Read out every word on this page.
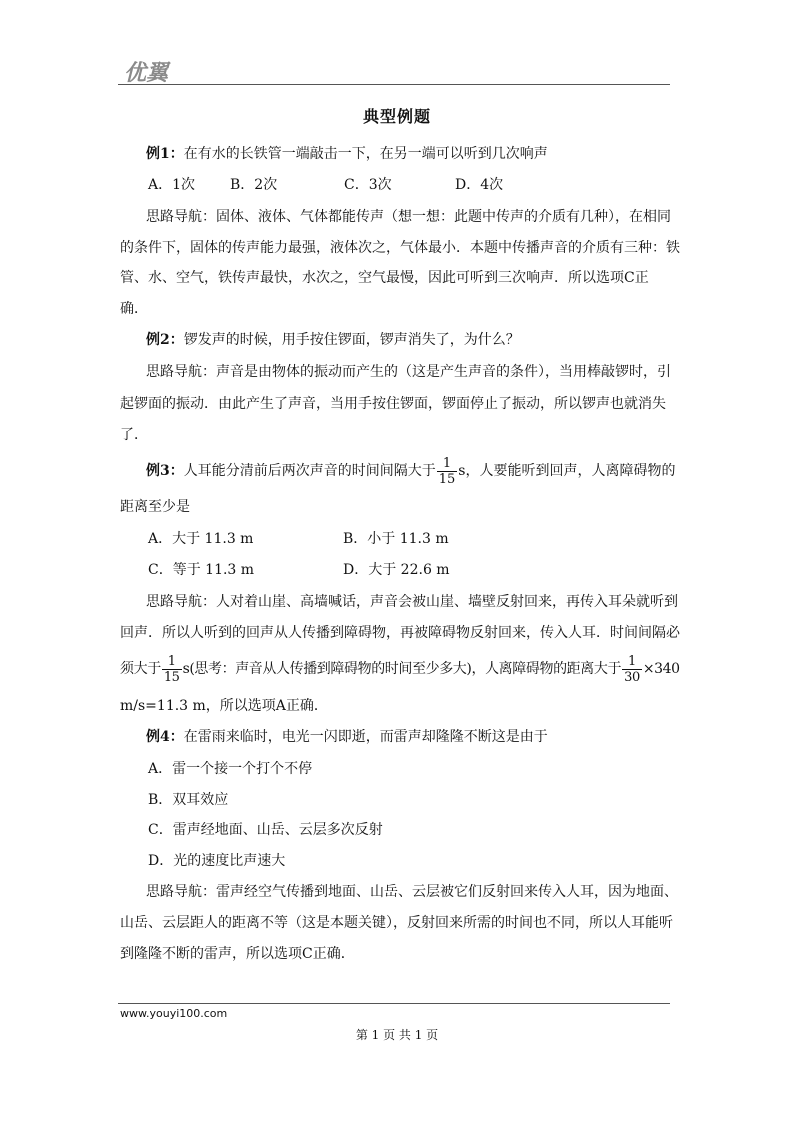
优翼
典型例题
例1：在有水的长铁管一端敲击一下，在另一端可以听到几次响声
A．1次 B．2次	C．3次	D．4次
思路导航：固体、液体、气体都能传声（想一想：此题中传声的介质有几种），在相同
的条件下，固体的传声能力最强，液体次之，气体最小．本题中传播声音的介质有三种：铁
管、水、空气，铁传声最快，水次之，空气最慢，因此可听到三次响声．所以选项C正
确．
例2：锣发声的时候，用手按住锣面，锣声消失了，为什么？
思路导航：声音是由物体的振动而产生的（这是产生声音的条件），当用棒敲锣时，引
起锣面的振动．由此产生了声音，当用手按住锣面，锣面停止了振动，所以锣声也就消失
了．
例3：人耳能分清前后两次声音的时间间隔大于 $\frac{1}{15}$ s，人要能听到回声，人离障碍物的
距离至少是
A．大于 11.3 m	B．小于 11.3 m
C．等于 11.3 m	D．大于 22.6 m
思路导航：人对着山崖、高墙喊话，声音会被山崖、墙壁反射回来，再传入耳朵就听到
回声．所以人听到的回声从人传播到障碍物，再被障碍物反射回来，传入人耳．时间间隔必
须大于 $\frac{1}{15} s$(思考：声音从人传播到障碍物的时间至少多大)，人离障碍物的距离大于 $\frac{1}{30} \times 340$
m/s=11.3 m，所以选项A正确．
例4：在雷雨来临时，电光一闪即逝，而雷声却隆隆不断这是由于
A．雷一个接一个打个不停
B．双耳效应
C．雷声经地面、山岳、云层多次反射
D．光的速度比声速大
思路导航：雷声经空气传播到地面、山岳、云层被它们反射回来传入人耳，因为地面、
山岳、云层距人的距离不等（这是本题关键），反射回来所需的时间也不同，所以人耳能听
到隆隆不断的雷声，所以选项C正确．
www.youyi100.com
第 1 页 共 1 页
